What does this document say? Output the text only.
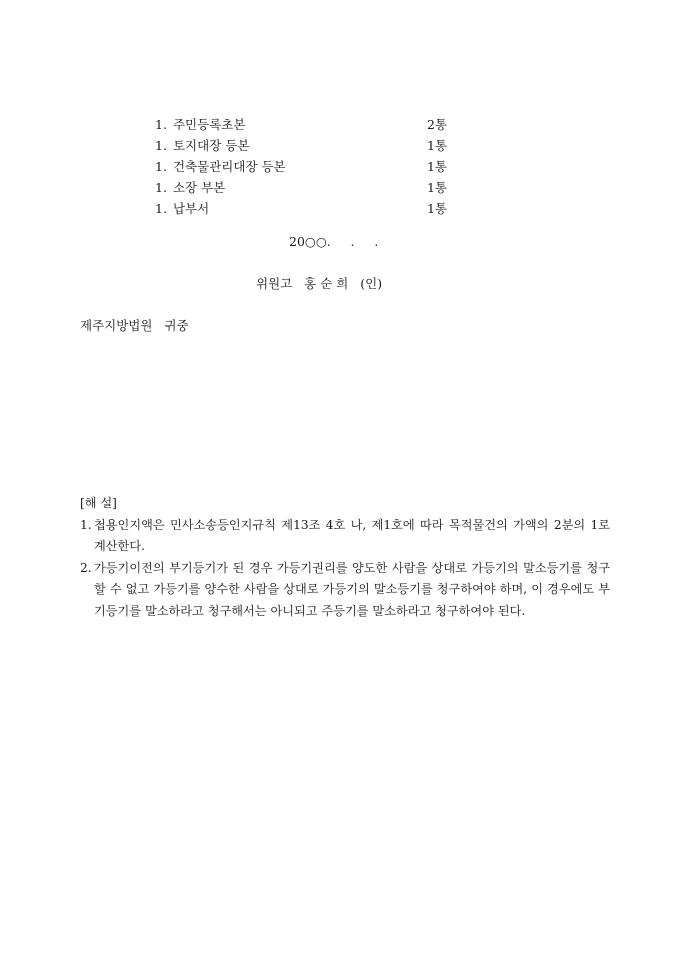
1. 주민등록초본	2통
1. 토지대장 등본	1통
1. 건축물관리대장 등본	1통
1. 소장 부본	1통
1. 납부서	1통
20○○.     .     .
위원고   홍 순 희   (인)
제주지방법원   귀중
[해 설]
1. 첩용인지액은 민사소송등인지규칙 제13조 4호 나, 제1호에 따라 목적물건의 가액의 2분의 1로 계산한다.
2. 가등기이전의 부기등기가 된 경우 가등기권리를 양도한 사람을 상대로 가등기의 말소등기를 청구할 수 없고 가등기를 양수한 사람을 상대로 가등기의 말소등기를 청구하여야 하며, 이 경우에도 부기등기를 말소하라고 청구해서는 아니되고 주등기를 말소하라고 청구하여야 된다.
